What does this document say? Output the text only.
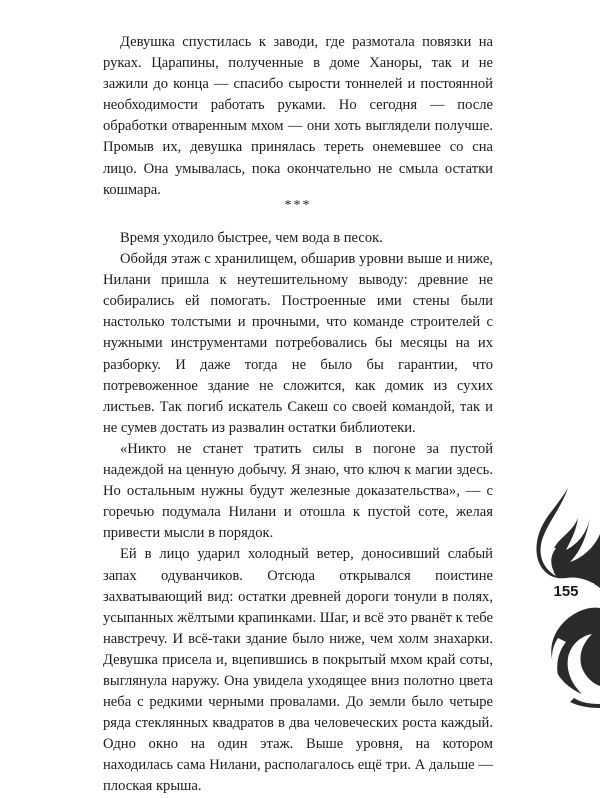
Девушка спустилась к заводи, где размотала повязки на руках. Царапины, полученные в доме Ханоры, так и не зажили до конца — спасибо сырости тоннелей и постоянной необходимости работать руками. Но сегодня — после обработки отваренным мхом — они хоть выглядели получше. Промыв их, девушка принялась тереть онемевшее со сна лицо. Она умывалась, пока окончательно не смыла остатки кошмара.

***

Время уходило быстрее, чем вода в песок.

Обойдя этаж с хранилищем, обшарив уровни выше и ниже, Нилани пришла к неутешительному выводу: древние не собирались ей помогать. Построенные ими стены были настолько толстыми и прочными, что команде строителей с нужными инструментами потребовались бы месяцы на их разборку. И даже тогда не было бы гарантии, что потревоженное здание не сложится, как домик из сухих листьев. Так погиб искатель Сакеш со своей командой, так и не сумев достать из развалин остатки библиотеки.

«Никто не станет тратить силы в погоне за пустой надеждой на ценную добычу. Я знаю, что ключ к магии здесь. Но остальным нужны будут железные доказательства», — с горечью подумала Нилани и отошла к пустой соте, желая привести мысли в порядок.

Ей в лицо ударил холодный ветер, доносивший слабый запах одуванчиков. Отсюда открывался поистине захватывающий вид: остатки древней дороги тонули в полях, усыпанных жёлтыми крапинками. Шаг, и всё это рванёт к тебе навстречу. И всё-таки здание было ниже, чем холм знахарки. Девушка присела и, вцепившись в покрытый мхом край соты, выглянула наружу. Она увидела уходящее вниз полотно цвета неба с редкими черными провалами. До земли было четыре ряда стеклянных квадратов в два человеческих роста каждый. Одно окно на один этаж. Выше уровня, на котором находилась сама Нилани, располагалось ещё три. А дальше — плоская крыша.

155
